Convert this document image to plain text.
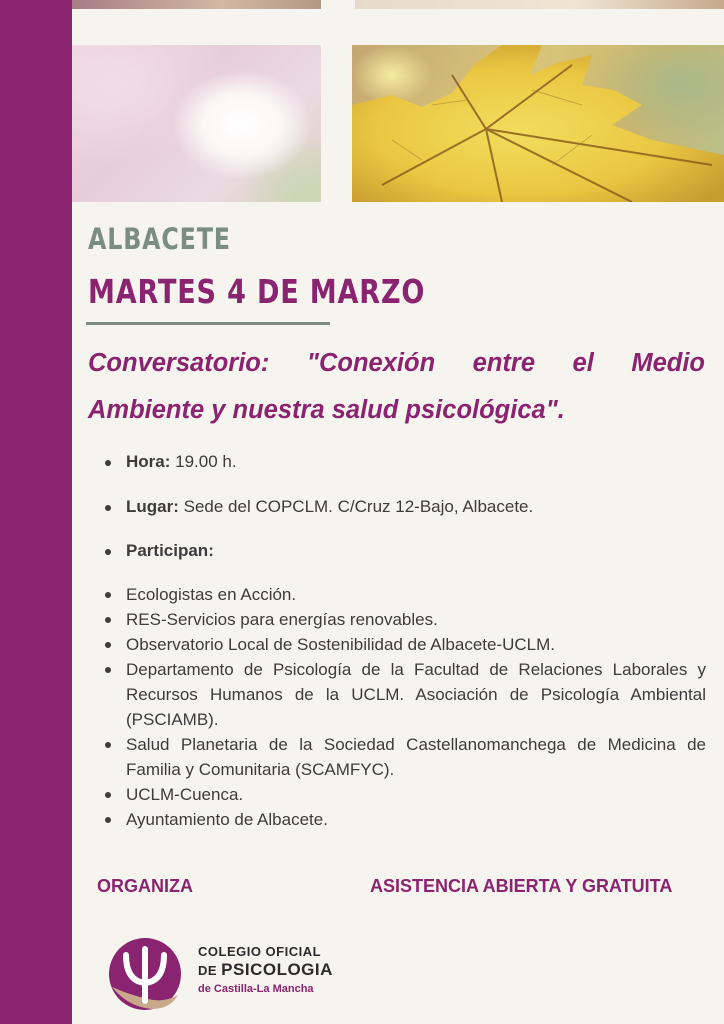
ALBACETE
MARTES 4 DE MARZO

Conversatorio: "Conexión entre el Medio Ambiente y nuestra salud psicológica".

Hora: 19.00 h.
Lugar: Sede del COPCLM. C/Cruz 12-Bajo, Albacete.
Participan:
Ecologistas en Acción.
RES-Servicios para energías renovables.
Observatorio Local de Sostenibilidad de Albacete-UCLM.
Departamento de Psicología de la Facultad de Relaciones Laborales y Recursos Humanos de la UCLM. Asociación de Psicología Ambiental (PSCIAMB).
Salud Planetaria de la Sociedad Castellanomanchega de Medicina de Familia y Comunitaria (SCAMFYC).
UCLM-Cuenca.
Ayuntamiento de Albacete.
ORGANIZA	ASISTENCIA ABIERTA Y GRATUITA
COLEGIO OFICIAL
DE PSICOLOGIA
de Castilla-La Mancha
